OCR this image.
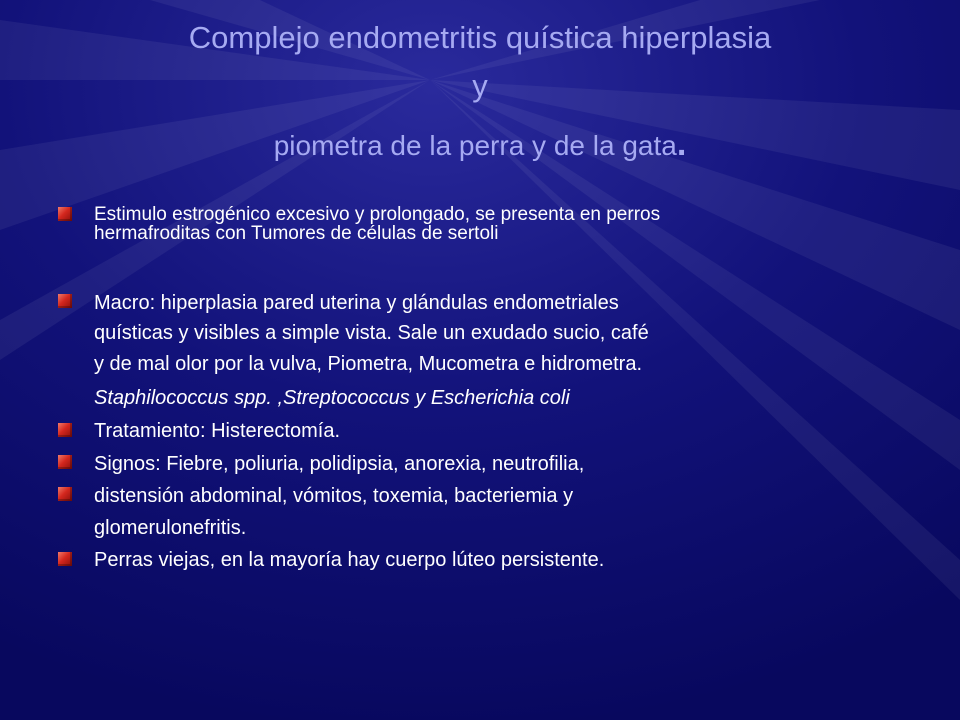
Complejo endometritis quística hiperplasia
y
piometra de la perra y de la gata.
Estimulo estrogénico excesivo y prolongado, se presenta en perros
hermafroditas con Tumores de células de sertoli
Macro: hiperplasia pared uterina y glándulas endometriales
quísticas y visibles a simple vista. Sale un exudado sucio, café
y de mal olor por la vulva, Piometra, Mucometra e hidrometra.
Staphilococcus spp. ,Streptococcus y Escherichia coli
Tratamiento: Histerectomía.
Signos: Fiebre, poliuria, polidipsia, anorexia, neutrofilia,
distensión abdominal, vómitos, toxemia, bacteriemia y
glomerulonefritis.
Perras viejas, en la mayoría hay cuerpo lúteo persistente.
